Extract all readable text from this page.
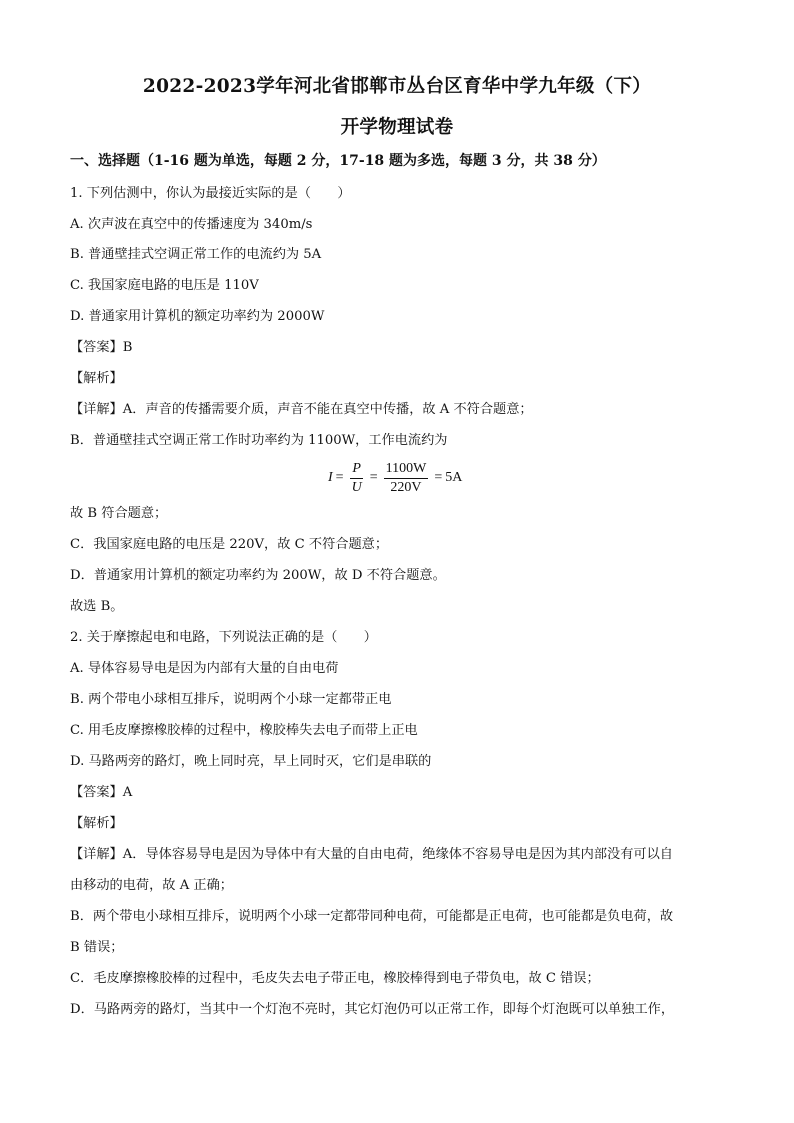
2022-2023学年河北省邯郸市丛台区育华中学九年级（下）
开学物理试卷
一、选择题（1-16 题为单选，每题 2 分，17-18 题为多选，每题 3 分，共 38 分）
1. 下列估测中，你认为最接近实际的是（　　）
A. 次声波在真空中的传播速度为 340m/s
B. 普通壁挂式空调正常工作的电流约为 5A
C. 我国家庭电路的电压是 110V
D. 普通家用计算机的额定功率约为 2000W
【答案】B
【解析】
【详解】A．声音的传播需要介质，声音不能在真空中传播，故 A 不符合题意；
B．普通壁挂式空调正常工作时功率约为 1100W，工作电流约为
$I = \frac{P}{U} = \frac{1100W}{220V} = 5A$
故 B 符合题意；
C．我国家庭电路的电压是 220V，故 C 不符合题意；
D．普通家用计算机的额定功率约为 200W，故 D 不符合题意。
故选 B。
2. 关于摩擦起电和电路，下列说法正确的是（　　）
A. 导体容易导电是因为内部有大量的自由电荷
B. 两个带电小球相互排斥，说明两个小球一定都带正电
C. 用毛皮摩擦橡胶棒的过程中，橡胶棒失去电子而带上正电
D. 马路两旁的路灯，晚上同时亮，早上同时灭，它们是串联的
【答案】A
【解析】
【详解】A．导体容易导电是因为导体中有大量的自由电荷，绝缘体不容易导电是因为其内部没有可以自
由移动的电荷，故 A 正确；
B．两个带电小球相互排斥，说明两个小球一定都带同种电荷，可能都是正电荷，也可能都是负电荷，故
B 错误；
C．毛皮摩擦橡胶棒的过程中，毛皮失去电子带正电，橡胶棒得到电子带负电，故 C 错误；
D．马路两旁的路灯，当其中一个灯泡不亮时，其它灯泡仍可以正常工作，即每个灯泡既可以单独工作，
